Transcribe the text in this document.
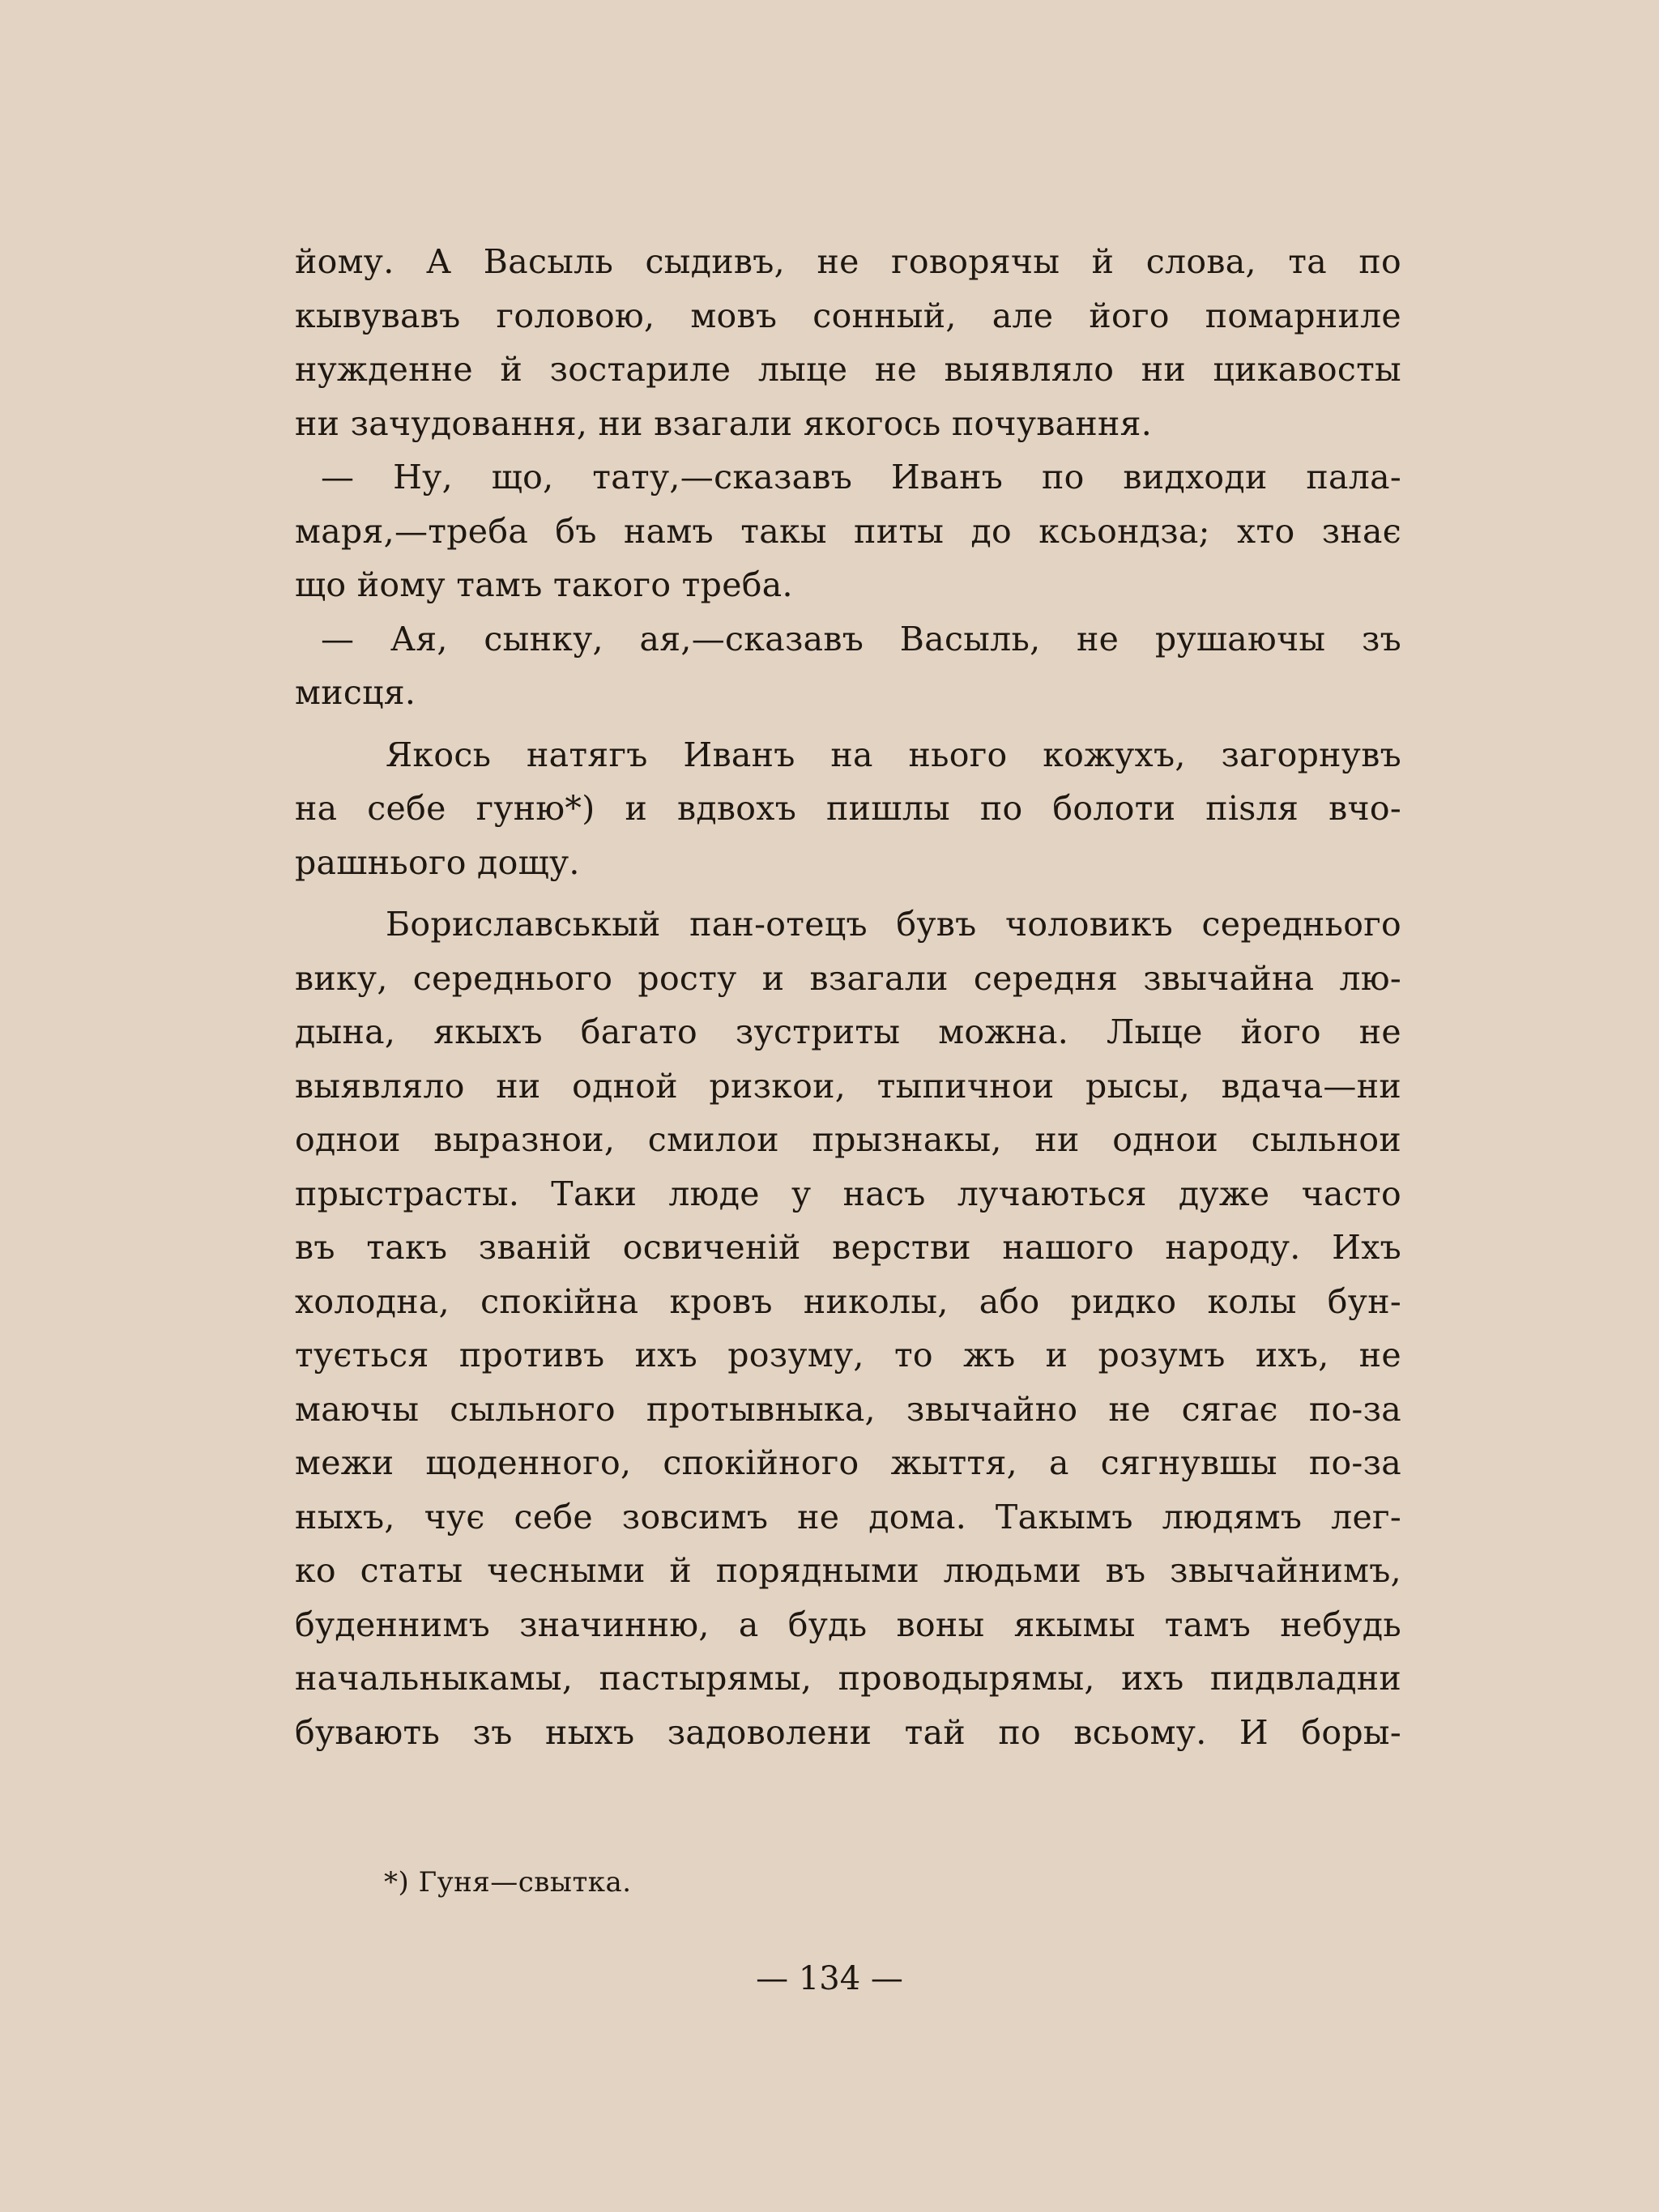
йому. А Васыль сыдивъ, не говорячы й слова, та по
кывувавъ головою, мовъ сонный, але його помарниле
нужденне й зостариле лыце не выявляло ни цикавосты
ни зачудовання, ни взагали якогось почування.
— Ну, що, тату,—сказавъ Иванъ по видходи пала-
маря,—треба бъ намъ такы питы до ксьондза; хто знає
що йому тамъ такого треба.
— Ая, сынку, ая,—сказавъ Васыль, не рушаючы зъ
мисця.
Якось натягъ Иванъ на нього кожухъ, загорнувъ
на себе гуню*) и вдвохъ пишлы по болоти пisля вчо-
рашнього дощу.
Бориславськый пан-отецъ бувъ чоловикъ середнього
вику, середнього росту и взагали середня звычайна лю-
дына, якыхъ багато зустриты можна. Лыце його не
выявляло ни одной ризкои, тыпичнои рысы, вдача—ни
однои выразнои, смилои прызнакы, ни однои сыльнои
прыстрасты. Таки люде у насъ лучаються дуже часто
въ такъ званій освиченій верстви нашого народу. Ихъ
холодна, спокійна кровъ николы, або ридко колы бун-
тується противъ ихъ розуму, то жъ и розумъ ихъ, не
маючы сыльного протывныка, звычайно не сягає по-за
межи щоденного, спокійного жыття, а сягнувшы по-за
ныхъ, чує себе зовсимъ не дома. Такымъ людямъ лег-
ко статы чесными й порядными людьми въ звычайнимъ,
буденнимъ значинню, а будь воны якымы тамъ небудь
начальныкамы, пастырямы, проводырямы, ихъ пидвладни
бувають зъ ныхъ задоволени тай по всьому. И боры-
*) Гуня—свытка.
— 134 —
